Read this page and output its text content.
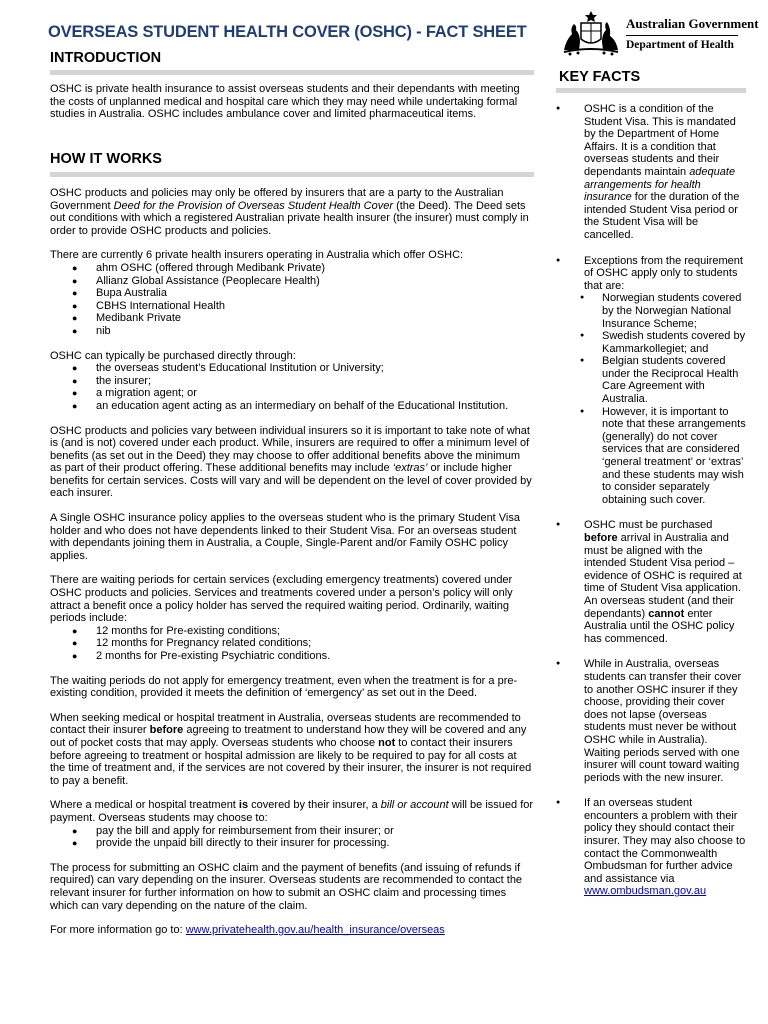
OVERSEAS STUDENT HEALTH COVER (OSHC) - FACT SHEET	Australian Government
Department of Health
INTRODUCTION

OSHC is private health insurance to assist overseas students and their dependants with meeting the costs of unplanned medical and hospital care which they may need while undertaking formal studies in Australia. OSHC includes ambulance cover and limited pharmaceutical items.

HOW IT WORKS

OSHC products and policies may only be offered by insurers that are a party to the Australian Government Deed for the Provision of Overseas Student Health Cover (the Deed). The Deed sets out conditions with which a registered Australian private health insurer (the insurer) must comply in order to provide OSHC products and policies.

There are currently 6 private health insurers operating in Australia which offer OSHC:

● ahm OSHC (offered through Medibank Private)
● Allianz Global Assistance (Peoplecare Health)
● Bupa Australia
● CBHS International Health
● Medibank Private
● nib

OSHC can typically be purchased directly through:

● the overseas student’s Educational Institution or University;
● the insurer;
● a migration agent; or
● an education agent acting as an intermediary on behalf of the Educational Institution.

OSHC products and policies vary between individual insurers so it is important to take note of what is (and is not) covered under each product. While, insurers are required to offer a minimum level of benefits (as set out in the Deed) they may choose to offer additional benefits above the minimum as part of their product offering. These additional benefits may include ‘extras’ or include higher benefits for certain services. Costs will vary and will be dependent on the level of cover provided by each insurer.

A Single OSHC insurance policy applies to the overseas student who is the primary Student Visa holder and who does not have dependents linked to their Student Visa. For an overseas student with dependants joining them in Australia, a Couple, Single-Parent and/or Family OSHC policy applies.

There are waiting periods for certain services (excluding emergency treatments) covered under OSHC products and policies. Services and treatments covered under a person’s policy will only attract a benefit once a policy holder has served the required waiting period. Ordinarily, waiting periods include:

● 12 months for Pre-existing conditions;
● 12 months for Pregnancy related conditions;
● 2 months for Pre-existing Psychiatric conditions.

The waiting periods do not apply for emergency treatment, even when the treatment is for a pre-existing condition, provided it meets the definition of ‘emergency’ as set out in the Deed.

When seeking medical or hospital treatment in Australia, overseas students are recommended to contact their insurer before agreeing to treatment to understand how they will be covered and any out of pocket costs that may apply. Overseas students who choose not to contact their insurers before agreeing to treatment or hospital admission are likely to be required to pay for all costs at the time of treatment and, if the services are not covered by their insurer, the insurer is not required to pay a benefit.

Where a medical or hospital treatment is covered by their insurer, a bill or account will be issued for payment. Overseas students may choose to:

● pay the bill and apply for reimbursement from their insurer; or
● provide the unpaid bill directly to their insurer for processing.

The process for submitting an OSHC claim and the payment of benefits (and issuing of refunds if required) can vary depending on the insurer. Overseas students are recommended to contact the relevant insurer for further information on how to submit an OSHC claim and processing times which can vary depending on the nature of the claim.

For more information go to: www.privatehealth.gov.au/health_insurance/overseas

KEY FACTS
● OSHC is a condition of the Student Visa. This is mandated by the Department of Home Affairs. It is a condition that overseas students and their dependants maintain adequate arrangements for health insurance for the duration of the intended Student Visa period or the Student Visa will be cancelled.
● Exceptions from the requirement of OSHC apply only to students that are:
● Norwegian students covered by the Norwegian National Insurance Scheme;
● Swedish students covered by Kammarkollegiet; and
● Belgian students covered under the Reciprocal Health Care Agreement with Australia.
● However, it is important to note that these arrangements (generally) do not cover services that are considered ‘general treatment’ or ‘extras’ and these students may wish to consider separately obtaining such cover.
● OSHC must be purchased before arrival in Australia and must be aligned with the intended Student Visa period – evidence of OSHC is required at time of Student Visa application. An overseas student (and their dependants) cannot enter Australia until the OSHC policy has commenced.
● While in Australia, overseas students can transfer their cover to another OSHC insurer if they choose, providing their cover does not lapse (overseas students must never be without OSHC while in Australia). Waiting periods served with one insurer will count toward waiting periods with the new insurer.
● If an overseas student encounters a problem with their policy they should contact their insurer. They may also choose to contact the Commonwealth Ombudsman for further advice and assistance via www.ombudsman.gov.au
